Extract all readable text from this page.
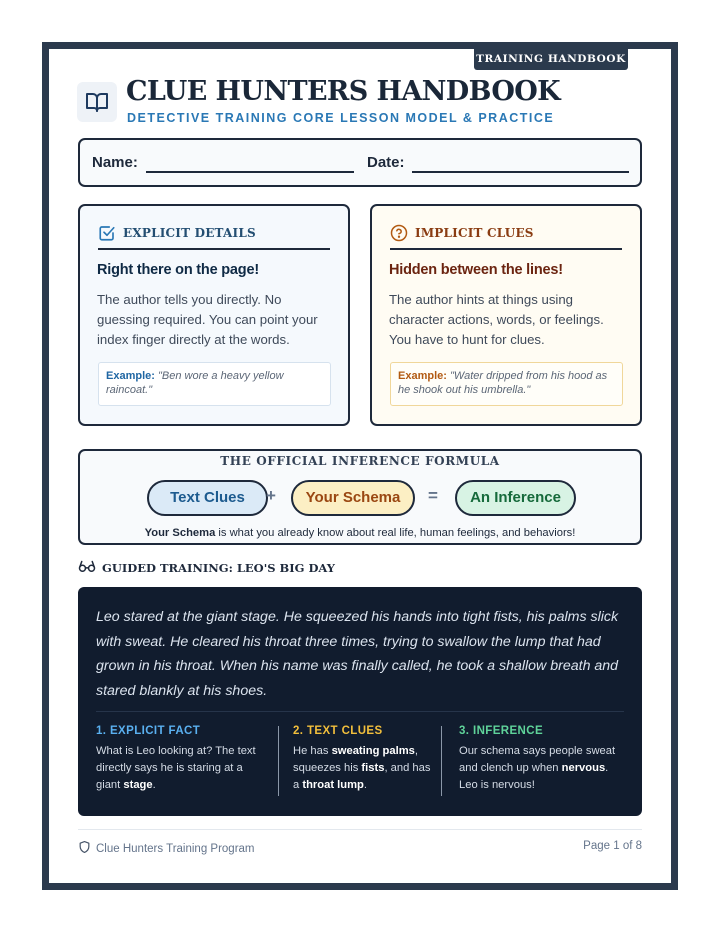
TRAINING HANDBOOK
CLUE HUNTERS HANDBOOK
DETECTIVE TRAINING CORE LESSON MODEL & PRACTICE
Name:	Date:
EXPLICIT DETAILS
Right there on the page!
The author tells you directly. No guessing required. You can point your index finger directly at the words.
Example: "Ben wore a heavy yellow raincoat."
IMPLICIT CLUES
Hidden between the lines!
The author hints at things using character actions, words, or feelings. You have to hunt for clues.
Example: "Water dripped from his hood as he shook out his umbrella."
THE OFFICIAL INFERENCE FORMULA
Text Clues	+	Your Schema	=	An Inference
Your Schema is what you already know about real life, human feelings, and behaviors!
GUIDED TRAINING: LEO'S BIG DAY
Leo stared at the giant stage. He squeezed his hands into tight fists, his palms slick with sweat. He cleared his throat three times, trying to swallow the lump that had grown in his throat. When his name was finally called, he took a shallow breath and stared blankly at his shoes.
1. EXPLICIT FACT

What is Leo looking at? The text directly says he is staring at a giant stage.

2. TEXT CLUES

He has sweating palms, squeezes his fists, and has a throat lump.

3. INFERENCE

Our schema says people sweat and clench up when nervous. Leo is nervous!

Clue Hunters Training Program	Page 1 of 8
